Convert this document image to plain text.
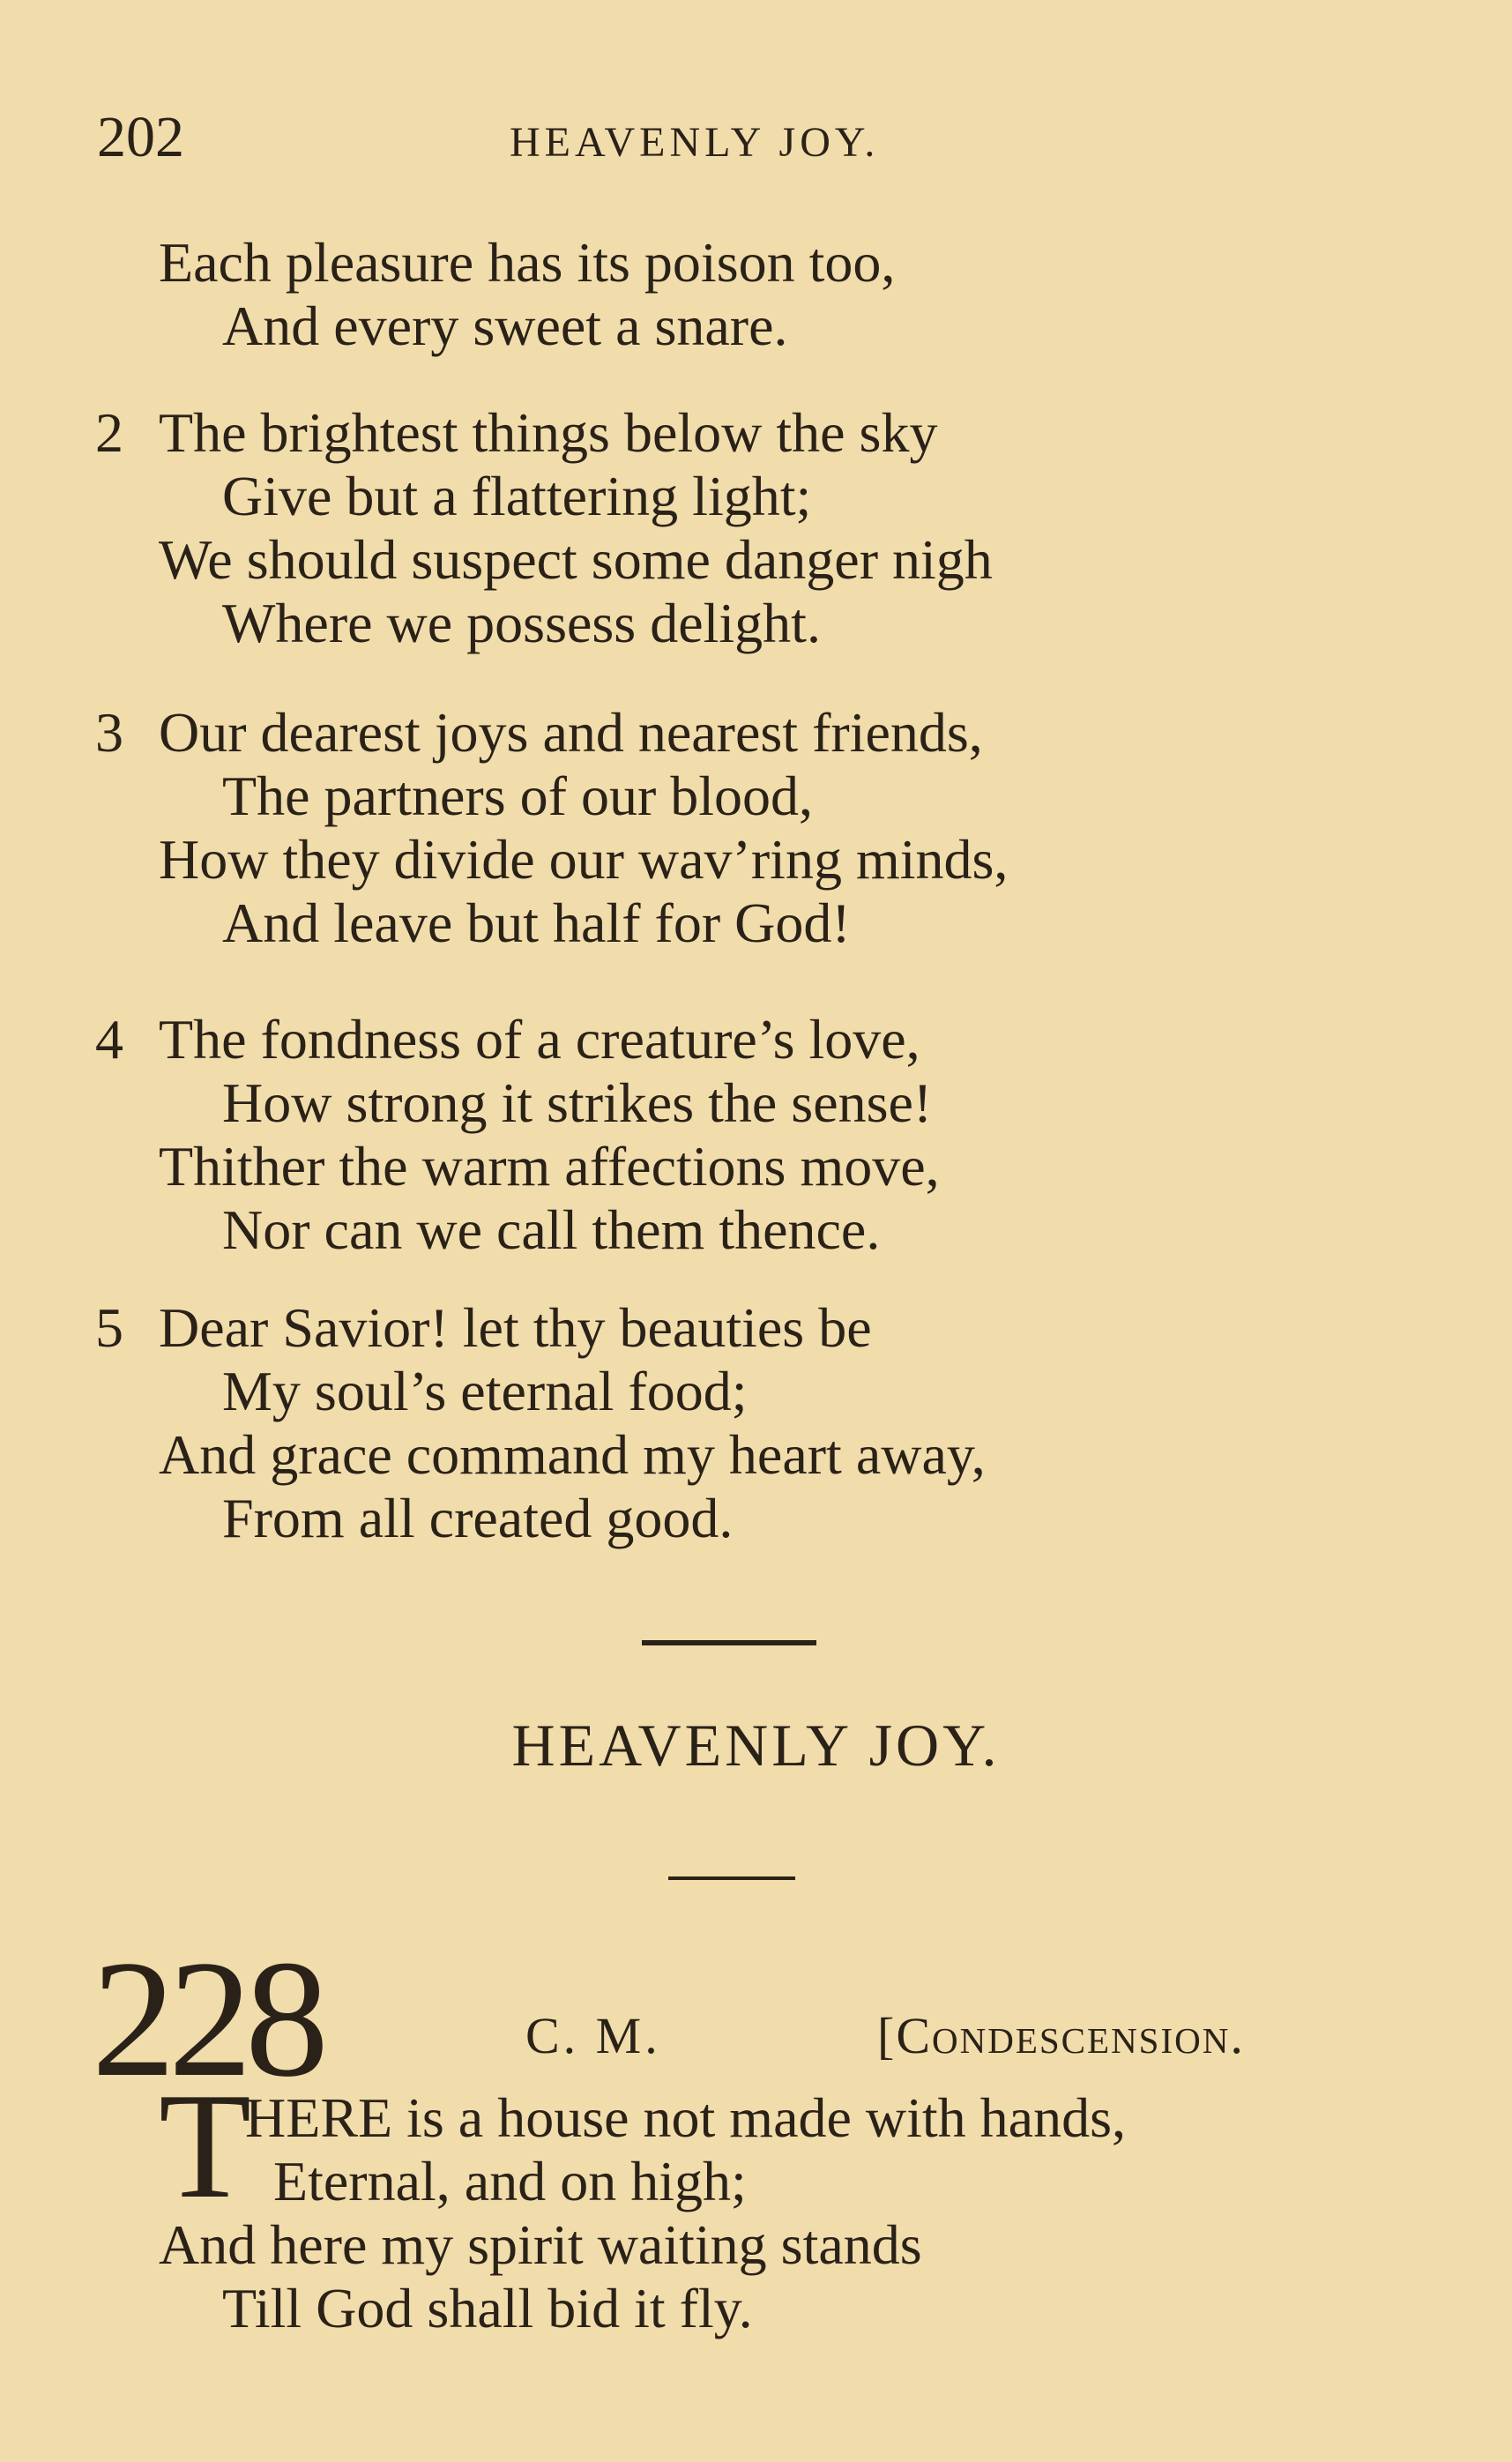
202	HEAVENLY JOY.
Each pleasure has its poison too,
And every sweet a snare.
2 The brightest things below the sky
Give but a flattering light;
We should suspect some danger nigh
Where we possess delight.
3 Our dearest joys and nearest friends,
The partners of our blood,
How they divide our wav’ring minds,
And leave but half for God!
4 The fondness of a creature’s love,
How strong it strikes the sense!
Thither the warm affections move,
Nor can we call them thence.
5 Dear Savior! let thy beauties be
My soul’s eternal food;
And grace command my heart away,
From all created good.
HEAVENLY JOY.
228	C. M.	[Condescension.
T
HERE is a house not made with hands,
Eternal, and on high;
And here my spirit waiting stands
Till God shall bid it fly.
